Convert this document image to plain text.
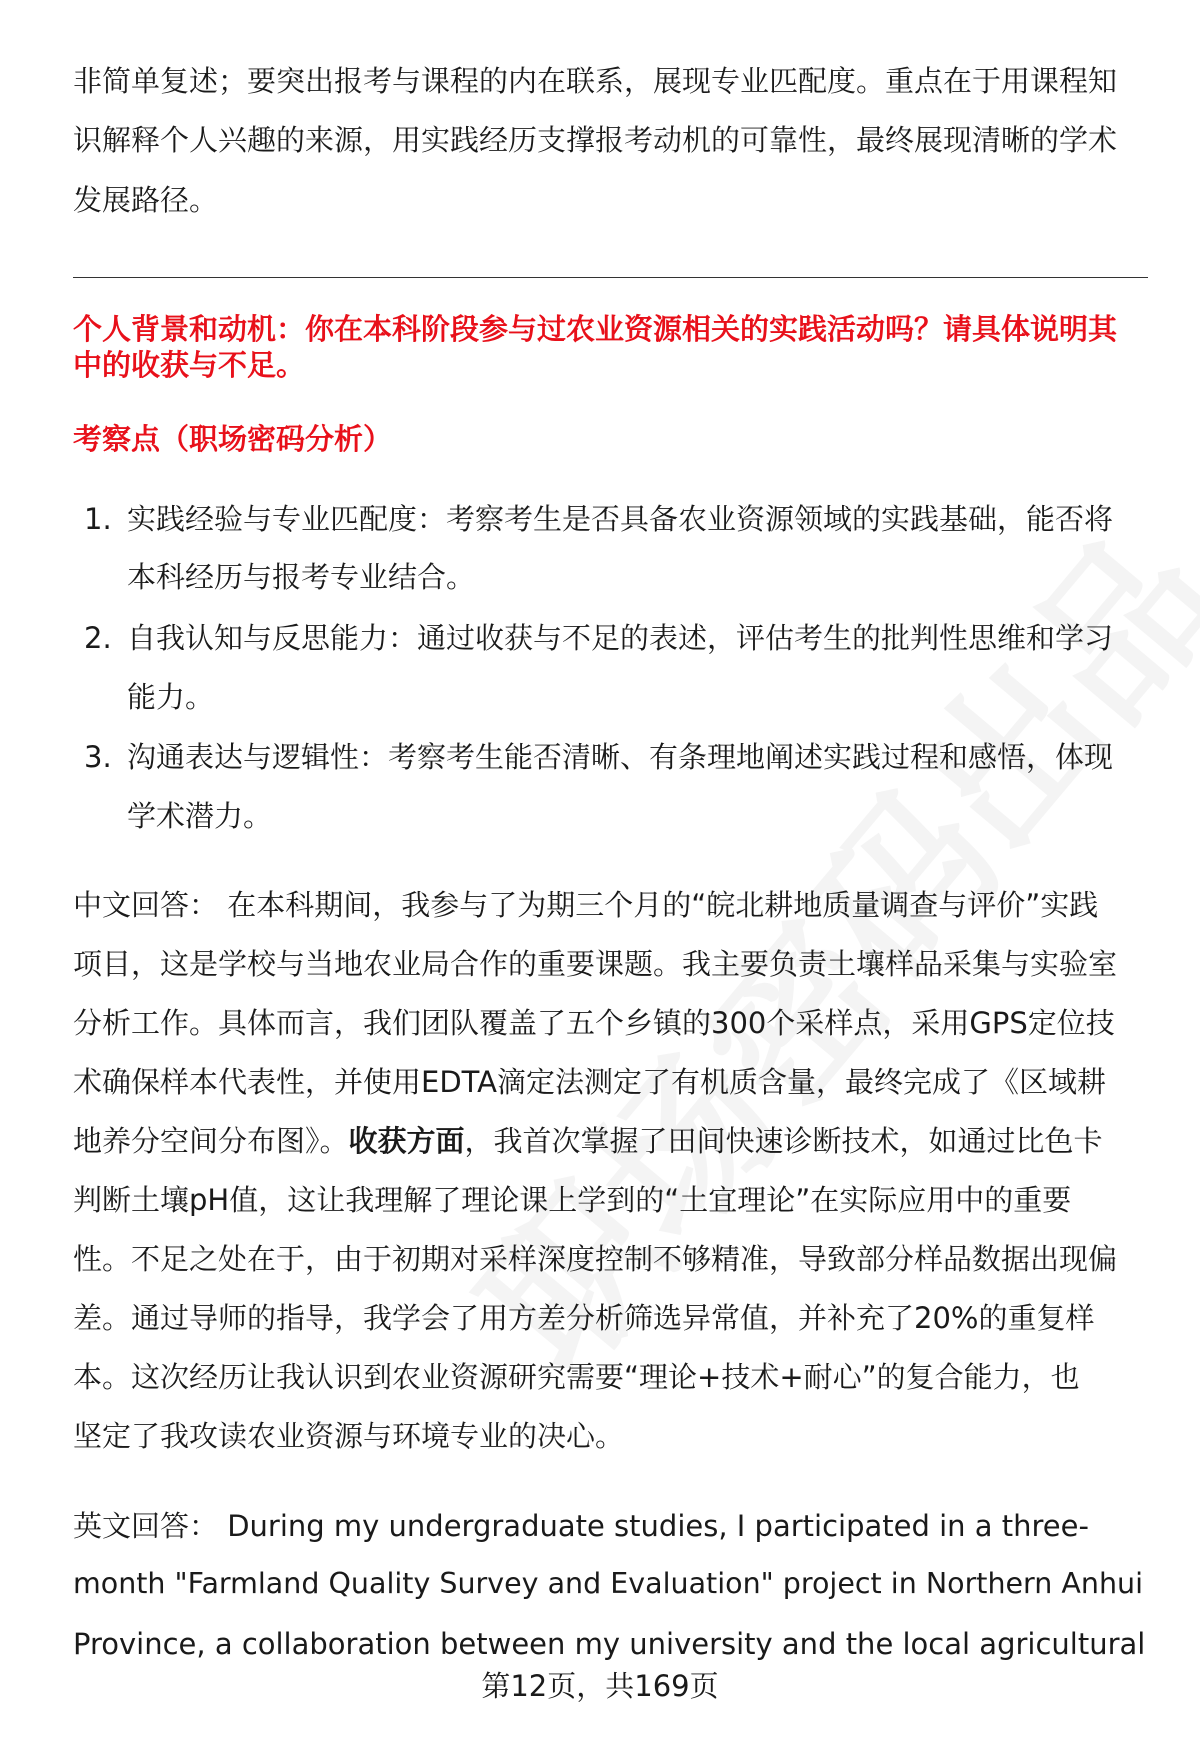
非简单复述；要突出报考与课程的内在联系，展现专业匹配度。重点在于用课程知
识解释个人兴趣的来源，用实践经历支撑报考动机的可靠性，最终展现清晰的学术
发展路径。
个人背景和动机：你在本科阶段参与过农业资源相关的实践活动吗？请具体说明其
中的收获与不足。
考察点（职场密码分析）
1. 实践经验与专业匹配度：考察考生是否具备农业资源领域的实践基础，能否将
本科经历与报考专业结合。
2. 自我认知与反思能力：通过收获与不足的表述，评估考生的批判性思维和学习
能力。
3. 沟通表达与逻辑性：考察考生能否清晰、有条理地阐述实践过程和感悟，体现
学术潜力。
中文回答： 在本科期间，我参与了为期三个月的“皖北耕地质量调查与评价”实践
项目，这是学校与当地农业局合作的重要课题。我主要负责土壤样品采集与实验室
分析工作。具体而言，我们团队覆盖了五个乡镇的300个采样点，采用GPS定位技
术确保样本代表性，并使用EDTA滴定法测定了有机质含量，最终完成了《区域耕
地养分空间分布图》。收获方面，我首次掌握了田间快速诊断技术，如通过比色卡
判断土壤pH值，这让我理解了理论课上学到的“土宜理论”在实际应用中的重要
性。不足之处在于，由于初期对采样深度控制不够精准，导致部分样品数据出现偏
差。通过导师的指导，我学会了用方差分析筛选异常值，并补充了20%的重复样
本。这次经历让我认识到农业资源研究需要“理论+技术+耐心”的复合能力，也
坚定了我攻读农业资源与环境专业的决心。
英文回答： During my undergraduate studies, I participated in a three-
month "Farmland Quality Survey and Evaluation" project in Northern Anhui
Province, a collaboration between my university and the local agricultural
第12页，共169页
